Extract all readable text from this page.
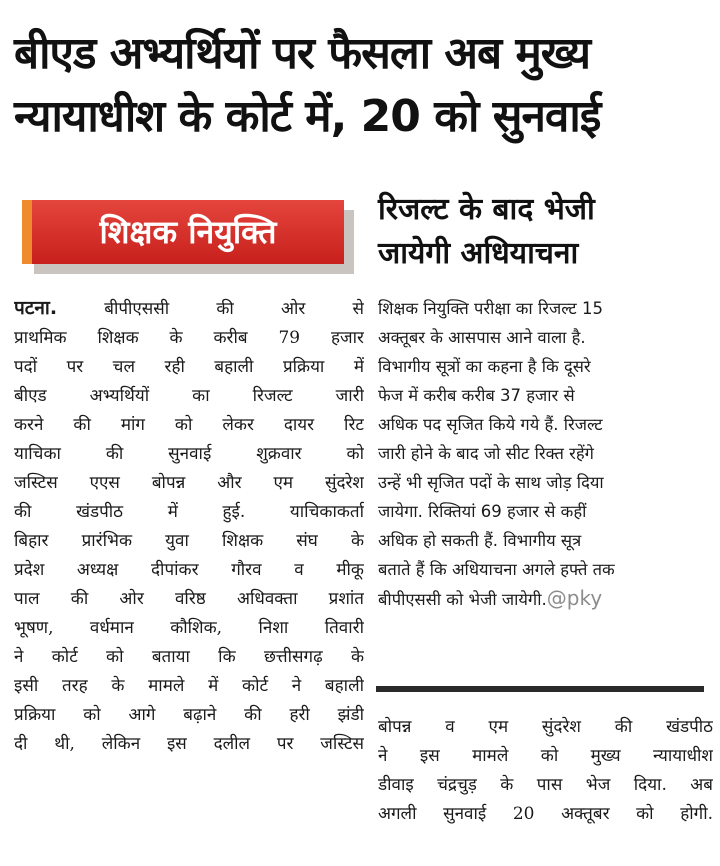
बीएड अभ्यर्थियों पर फैसला अब मुख्य
न्यायाधीश के कोर्ट में, 20 को सुनवाई
शिक्षक नियुक्ति
रिजल्ट के बाद भेजी
जायेगी अधियाचना
पटना.	बीपीएससी की ओर से
प्राथमिक शिक्षक के करीब 79 हजार
पदों पर चल रही बहाली प्रक्रिया में
बीएड अभ्यर्थियों का रिजल्ट जारी
करने की मांग को लेकर दायर रिट
याचिका की सुनवाई शुक्रवार को
जस्टिस एएस बोपन्न और एम सुंदरेश
की खंडपीठ में हुई. याचिकाकर्ता
बिहार प्रारंभिक युवा शिक्षक संघ के
प्रदेश अध्यक्ष दीपांकर गौरव व मीकू
पाल की ओर वरिष्ठ अधिवक्ता प्रशांत
भूषण, वर्धमान कौशिक, निशा तिवारी
ने कोर्ट को बताया कि छत्तीसगढ़ के
इसी तरह के मामले में कोर्ट ने बहाली
प्रक्रिया को आगे बढ़ाने की हरी झंडी
दी थी, लेकिन इस दलील पर जस्टिस
शिक्षक नियुक्ति परीक्षा का रिजल्ट 15
अक्तूबर के आसपास आने वाला है.
विभागीय सूत्रों का कहना है कि दूसरे
फेज में करीब करीब 37 हजार से
अधिक पद सृजित किये गये हैं. रिजल्ट
जारी होने के बाद जो सीट रिक्त रहेंगे
उन्हें भी सृजित पदों के साथ जोड़ दिया
जायेगा. रिक्तियां 69 हजार से कहीं
अधिक हो सकती हैं. विभागीय सूत्र
बताते हैं कि अधियाचना अगले हफ्ते तक
बीपीएससी को भेजी जायेगी.@pky
बोपन्न व एम सुंदरेश की खंडपीठ
ने इस मामले को मुख्य न्यायाधीश
डीवाइ चंद्रचुड़ के पास भेज दिया. अब
अगली सुनवाई 20 अक्तूबर को होगी.
